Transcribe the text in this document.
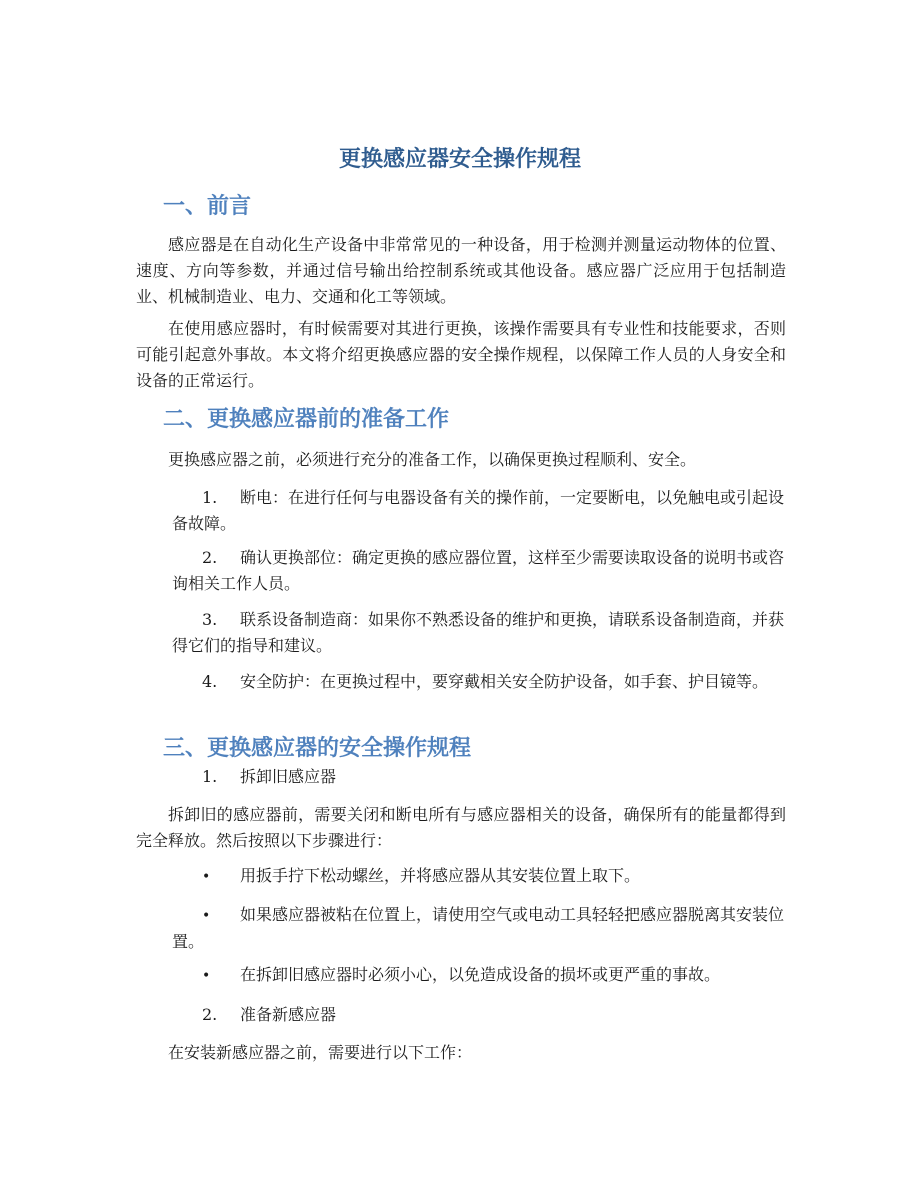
更换感应器安全操作规程
一、前言

感应器是在自动化生产设备中非常常见的一种设备，用于检测并测量运动物体的位置、速度、方向等参数，并通过信号输出给控制系统或其他设备。感应器广泛应用于包括制造业、机械制造业、电力、交通和化工等领域。

在使用感应器时，有时候需要对其进行更换，该操作需要具有专业性和技能要求，否则可能引起意外事故。本文将介绍更换感应器的安全操作规程，以保障工作人员的人身安全和设备的正常运行。

二、更换感应器前的准备工作

更换感应器之前，必须进行充分的准备工作，以确保更换过程顺利、安全。

1. 断电：在进行任何与电器设备有关的操作前，一定要断电，以免触电或引起设备故障。
2. 确认更换部位：确定更换的感应器位置，这样至少需要读取设备的说明书或咨询相关工作人员。
3. 联系设备制造商：如果你不熟悉设备的维护和更换，请联系设备制造商，并获得它们的指导和建议。
4. 安全防护：在更换过程中，要穿戴相关安全防护设备，如手套、护目镜等。
三、更换感应器的安全操作规程
1. 拆卸旧感应器

拆卸旧的感应器前，需要关闭和断电所有与感应器相关的设备，确保所有的能量都得到完全释放。然后按照以下步骤进行：

• 用扳手拧下松动螺丝，并将感应器从其安装位置上取下。
• 如果感应器被粘在位置上，请使用空气或电动工具轻轻把感应器脱离其安装位置。
• 在拆卸旧感应器时必须小心，以免造成设备的损坏或更严重的事故。
2. 准备新感应器

在安装新感应器之前，需要进行以下工作：
